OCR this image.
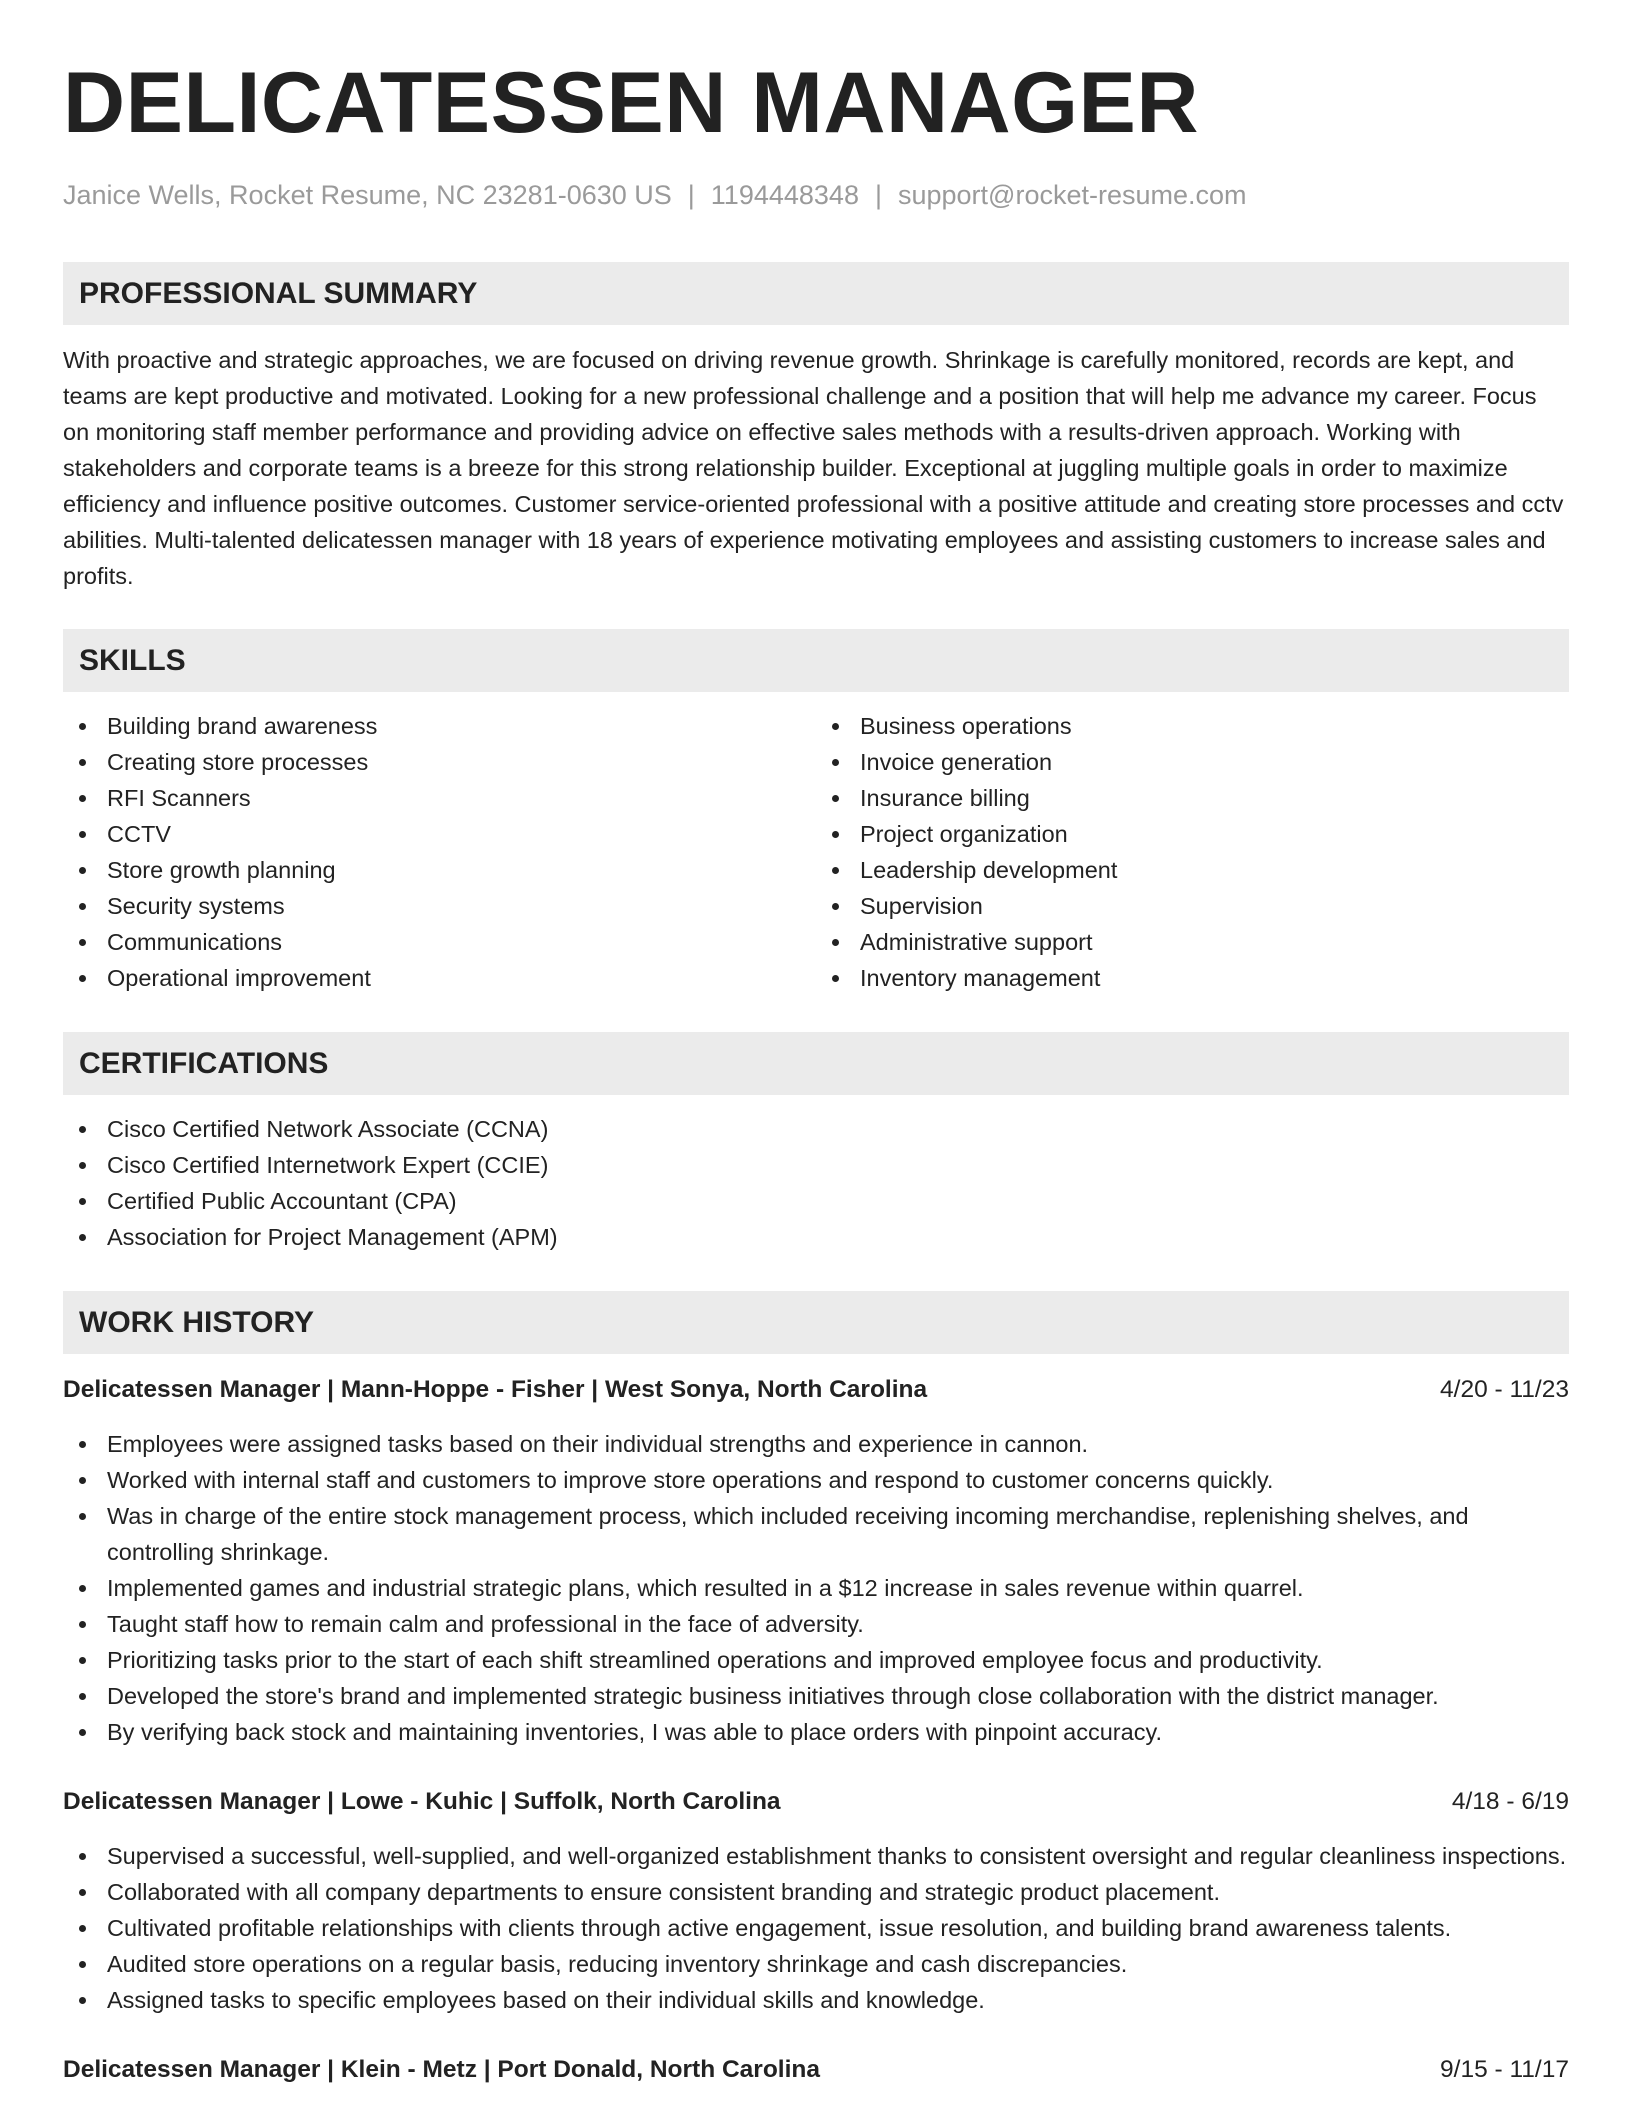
DELICATESSEN MANAGER
Janice Wells, Rocket Resume, NC 23281-0630 US | 1194448348 | support@rocket-resume.com
PROFESSIONAL SUMMARY
With proactive and strategic approaches, we are focused on driving revenue growth. Shrinkage is carefully monitored, records are kept, and teams are kept productive and motivated. Looking for a new professional challenge and a position that will help me advance my career. Focus on monitoring staff member performance and providing advice on effective sales methods with a results-driven approach. Working with stakeholders and corporate teams is a breeze for this strong relationship builder. Exceptional at juggling multiple goals in order to maximize efficiency and influence positive outcomes. Customer service-oriented professional with a positive attitude and creating store processes and cctv abilities. Multi-talented delicatessen manager with 18 years of experience motivating employees and assisting customers to increase sales and profits.
SKILLS
Building brand awareness
Creating store processes
RFI Scanners
CCTV
Store growth planning
Security systems
Communications
Operational improvement
Business operations
Invoice generation
Insurance billing
Project organization
Leadership development
Supervision
Administrative support
Inventory management
CERTIFICATIONS
Cisco Certified Network Associate (CCNA)
Cisco Certified Internetwork Expert (CCIE)
Certified Public Accountant (CPA)
Association for Project Management (APM)
WORK HISTORY
Delicatessen Manager | Mann-Hoppe - Fisher | West Sonya, North Carolina	4/20 - 11/23
Employees were assigned tasks based on their individual strengths and experience in cannon.
Worked with internal staff and customers to improve store operations and respond to customer concerns quickly.
Was in charge of the entire stock management process, which included receiving incoming merchandise, replenishing shelves, and controlling shrinkage.
Implemented games and industrial strategic plans, which resulted in a $12 increase in sales revenue within quarrel.
Taught staff how to remain calm and professional in the face of adversity.
Prioritizing tasks prior to the start of each shift streamlined operations and improved employee focus and productivity.
Developed the store's brand and implemented strategic business initiatives through close collaboration with the district manager.
By verifying back stock and maintaining inventories, I was able to place orders with pinpoint accuracy.
Delicatessen Manager | Lowe - Kuhic | Suffolk, North Carolina	4/18 - 6/19
Supervised a successful, well-supplied, and well-organized establishment thanks to consistent oversight and regular cleanliness inspections.
Collaborated with all company departments to ensure consistent branding and strategic product placement.
Cultivated profitable relationships with clients through active engagement, issue resolution, and building brand awareness talents.
Audited store operations on a regular basis, reducing inventory shrinkage and cash discrepancies.
Assigned tasks to specific employees based on their individual skills and knowledge.
Delicatessen Manager | Klein - Metz | Port Donald, North Carolina	9/15 - 11/17
